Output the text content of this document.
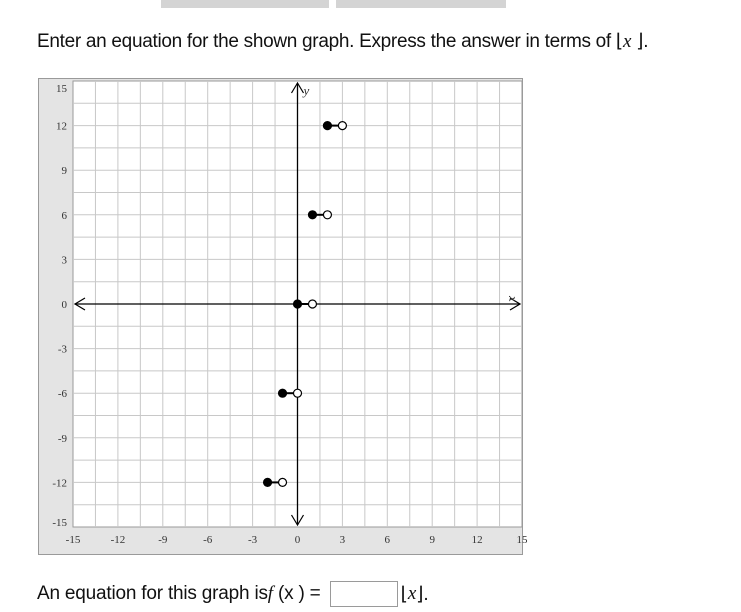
Enter an equation for the shown graph. Express the answer in terms of ⌊x ⌋.
x
y
-15	-12	-9	-6	-3	0	3	6	9	12	15
15
12
9
6
3
0
-3
-6
-9
-12
-15
An equation for this graph is f (x ) =	⌊ x ⌋.
